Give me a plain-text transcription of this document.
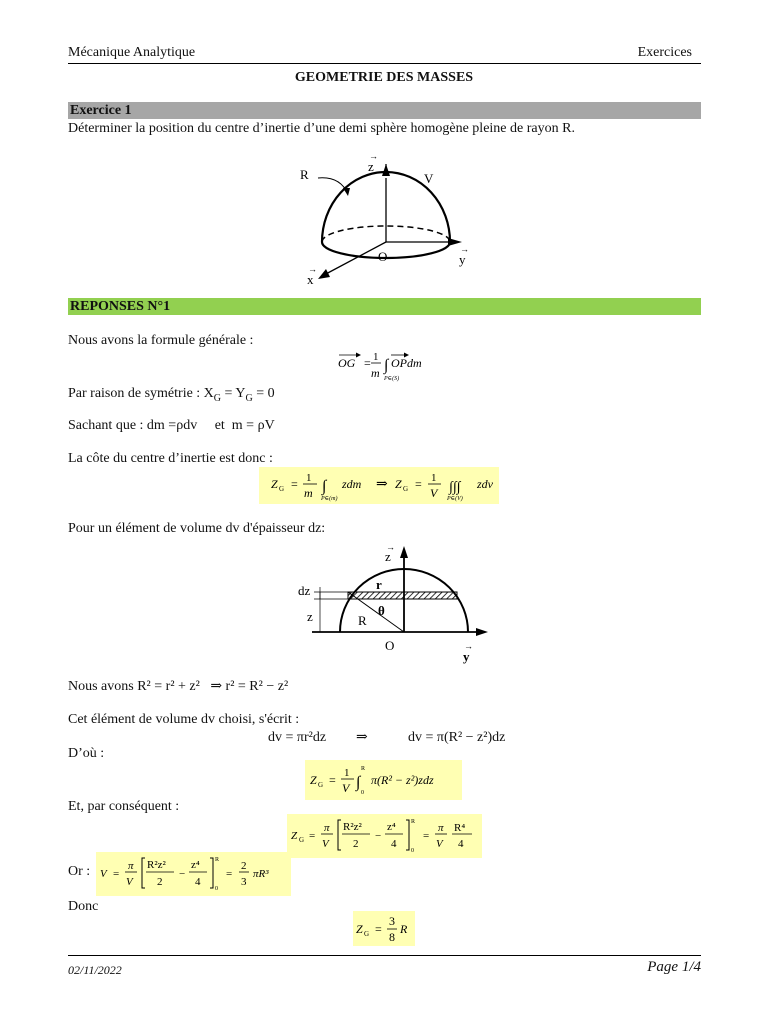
Mécanique Analytique	Exercices
GEOMETRIE DES MASSES
Exercice 1
Déterminer la position du centre d’inertie d’une demi sphère homogène pleine de rayon R.
R	V
O
z
→
y
→
x
→
REPONSES N°1
Nous avons la formule générale :
OG = 1
m ∫ OPdm
P∈(S)
Par raison de symétrie : $X_G = Y_G = 0$
Sachant que : dm =ρdv     et  m = ρV
La côte du centre d’inertie est donc :
Z G = 1
m ∫
P∈(m)
zdm ⇒ Z G = 1
V ∫∫∫
P∈(V)
zdv
Pour un élément de volume dv d'épaisseur dz:
z
→
dz
z
r
θ
R
O
y
→
Nous avons R² = r² + z²   ⇒ r² = R² − z²
Cet élément de volume dv choisi, s'écrit :
dv = πr²dz ⇒	dv = π(R² − z²)dz
D’où :
Z G = 1
V ∫
R
0
π(R² − z²)zdz
Et, par conséquent :
Z G =
π
V
R²z²
2
−
z⁴
4
R
0
=
π
V
R⁴
4
Or : V =
π
V
R²z²
2
−
z⁴
4
R
0
=
2
3
πR³
Donc
Z G =
3
8
R
02/11/2022	Page 1/4
